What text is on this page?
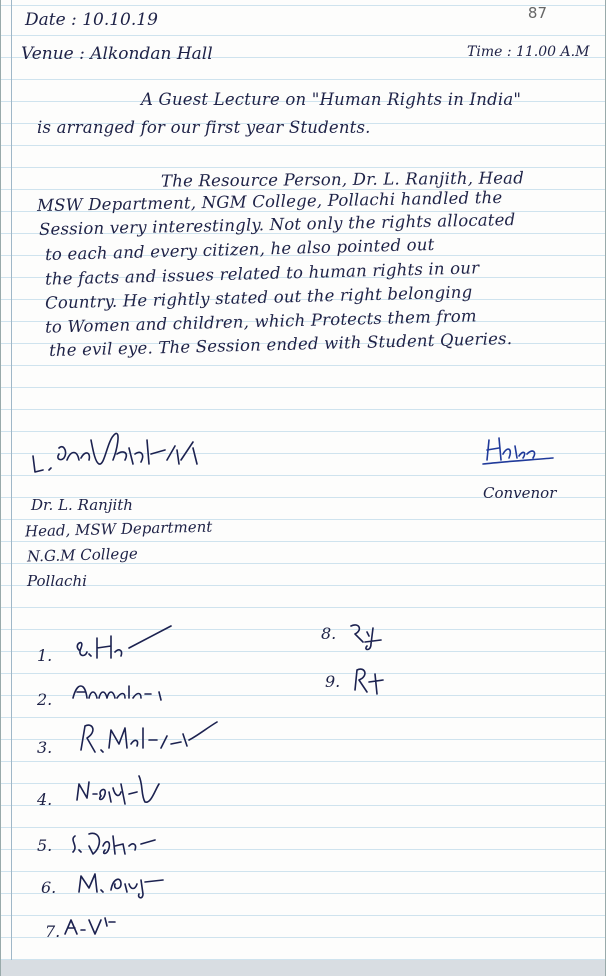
87
Date : 10.10.19
Venue : Alkondan Hall	Time : 11.00 A.M
A Guest Lecture on "Human Rights in India"
is arranged for our first year Students.
The Resource Person, Dr. L. Ranjith, Head
MSW Department, NGM College, Pollachi handled the
Session very interestingly. Not only the rights allocated
to each and every citizen, he also pointed out
the facts and issues related to human rights in our
Country. He rightly stated out the right belonging
to Women and children, which Protects them from
the evil eye. The Session ended with Student Queries.
Dr. L. Ranjith
Head, MSW Department
N.G.M College
Pollachi
Convenor
1.
2.
3.
4.
5.
6.
7.
8.
9.
